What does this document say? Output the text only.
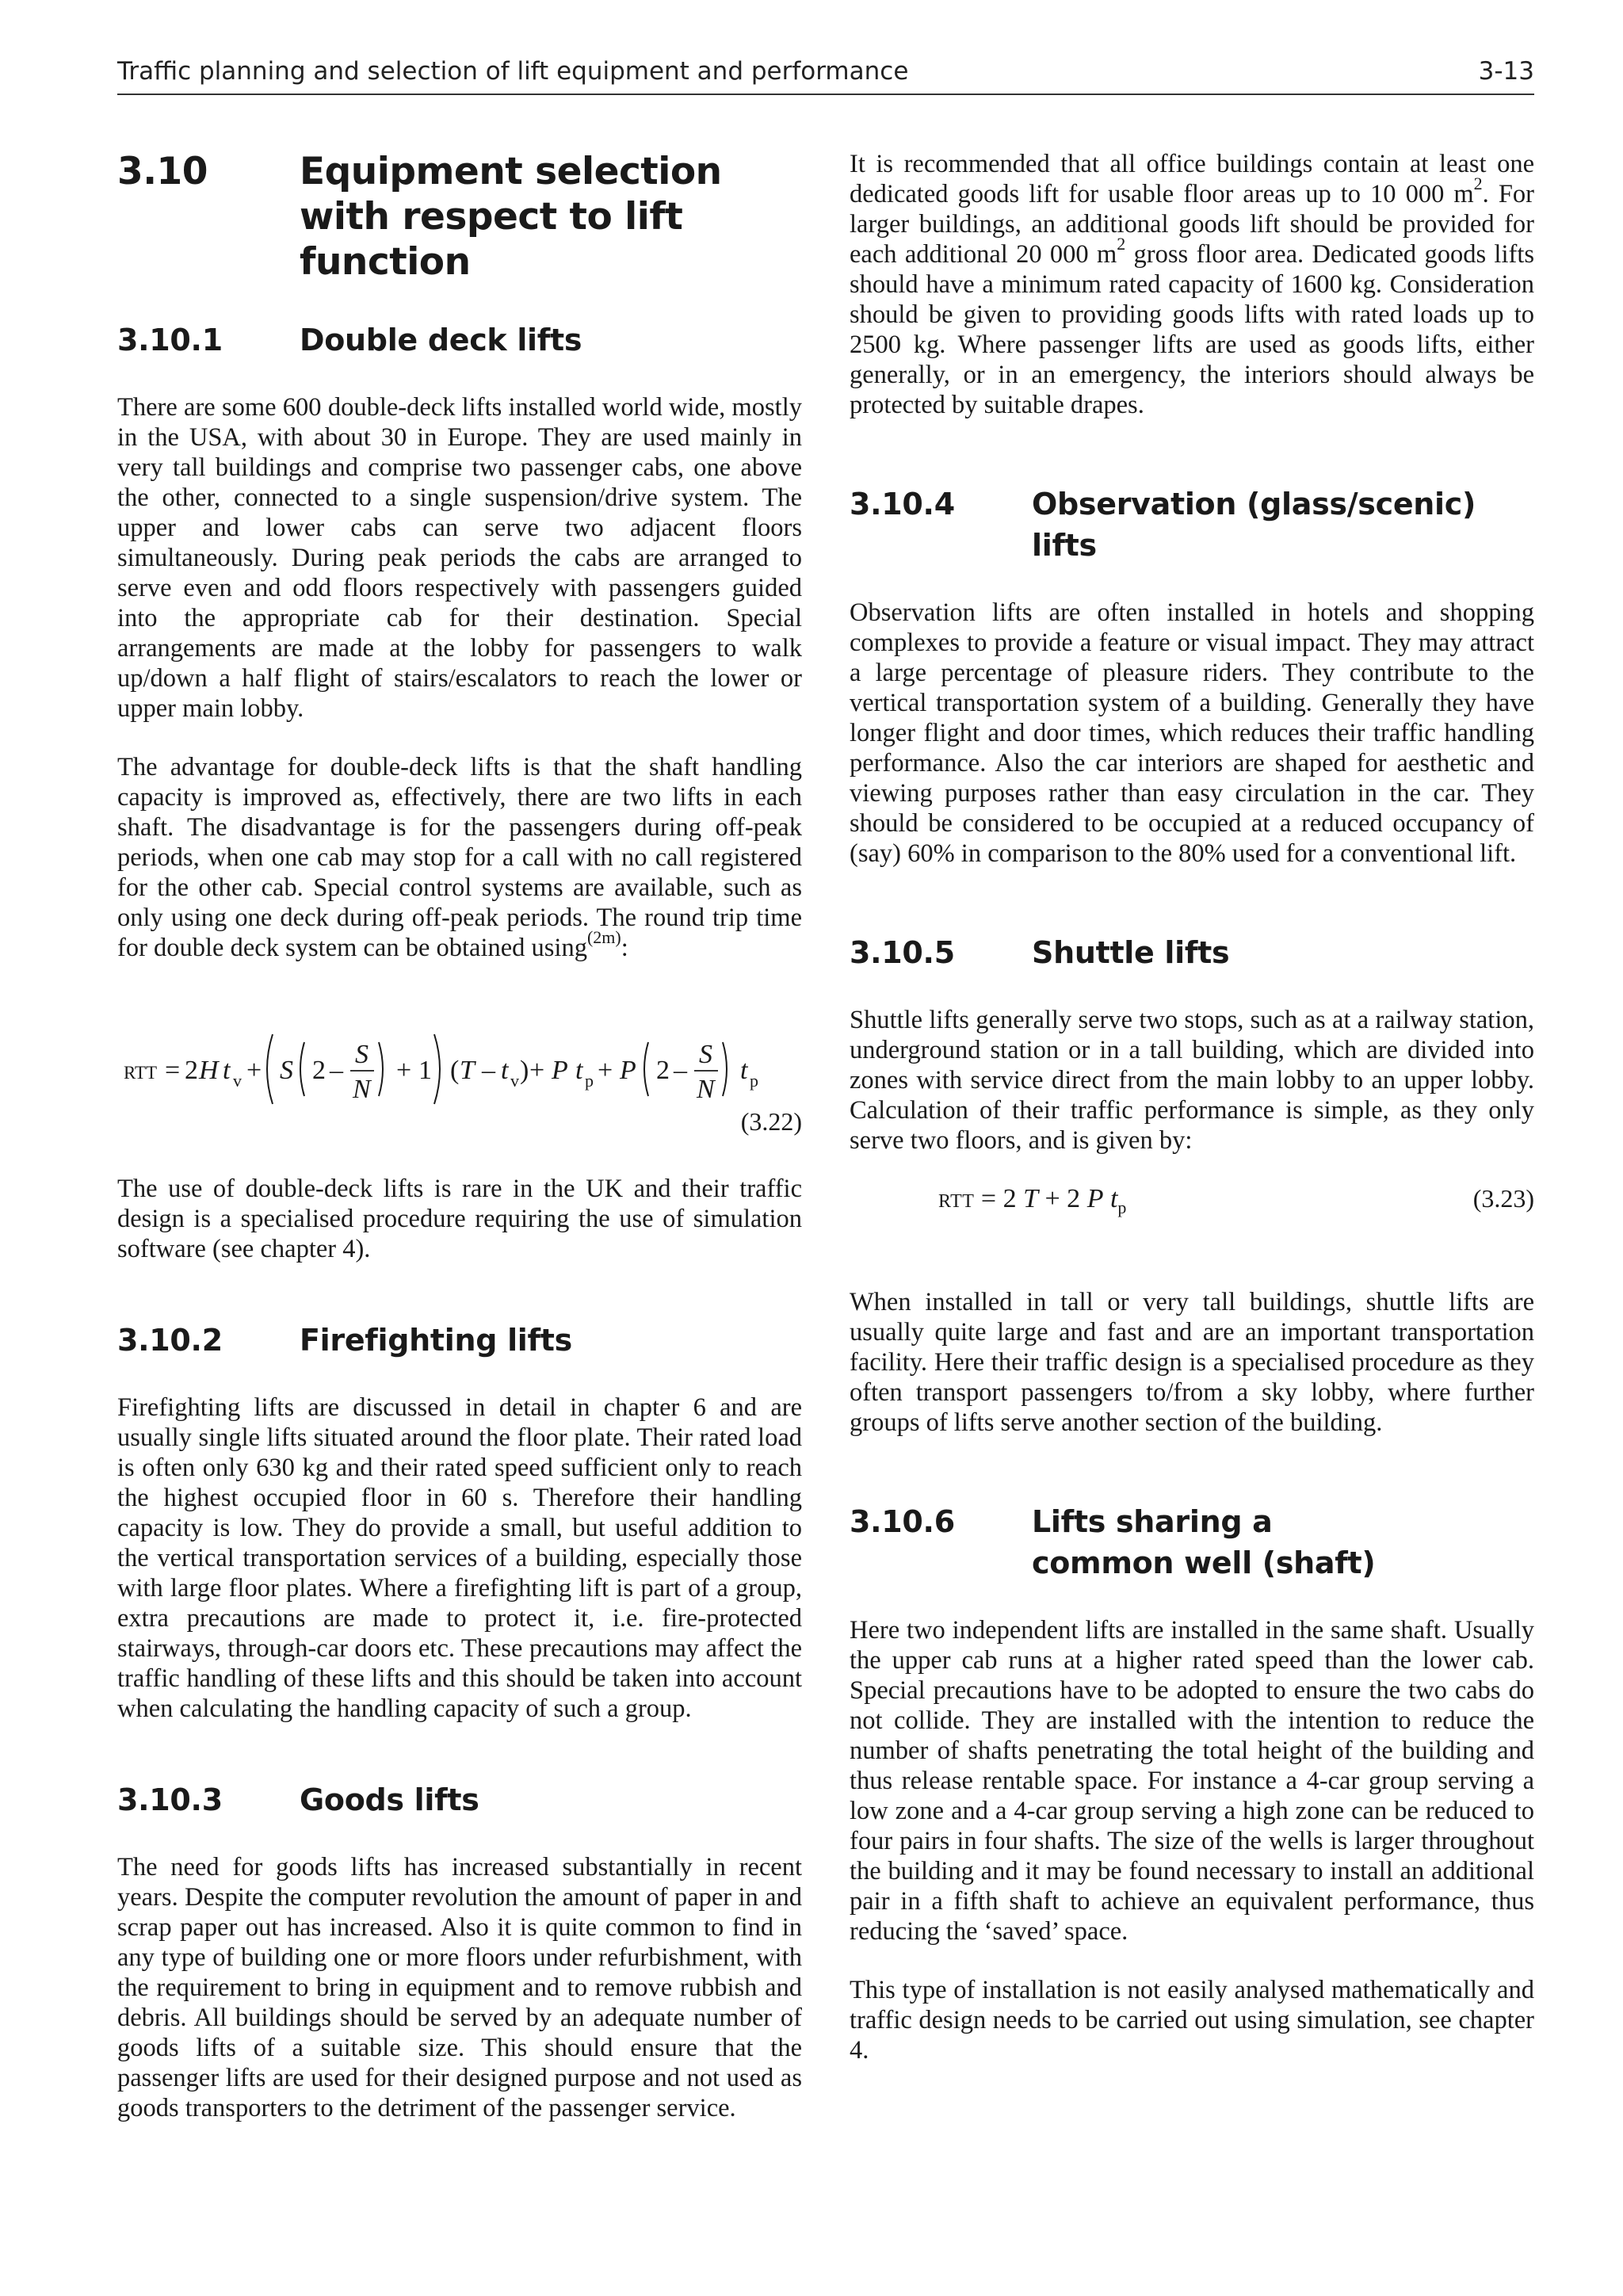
Traffic planning and selection of lift equipment and performance	3-13
3.10	Equipment selection with respect to lift function
3.10.1	Double deck lifts

There are some 600 double-deck lifts installed world wide, mostly in the USA, with about 30 in Europe. They are used mainly in very tall buildings and comprise two passenger cabs, one above the other, connected to a single suspension/drive system. The upper and lower cabs can serve two adjacent floors simultaneously. During peak periods the cabs are arranged to serve even and odd floors respectively with passengers guided into the appropriate cab for their destination. Special arrangements are made at the lobby for passengers to walk up/down a half flight of stairs/escalators to reach the lower or upper main lobby.

The advantage for double-deck lifts is that the shaft handling capacity is improved as, effectively, there are two lifts in each shaft. The disadvantage is for the passengers during off-peak periods, when one cab may stop for a call with no call registered for the other cab. Special control systems are available, such as only using one deck during off-peak periods. The round trip time for double deck system can be obtained using$^{(2m)}$:

RTT = 2 H t v + S 2 –
S
N
+ 1 ( T – t v ) + P t p + P 2 –
S
N
t p
(3.22)

The use of double-deck lifts is rare in the UK and their traffic design is a specialised procedure requiring the use of simulation software (see chapter 4).

3.10.2	Firefighting lifts

Firefighting lifts are discussed in detail in chapter 6 and are usually single lifts situated around the floor plate. Their rated load is often only 630 kg and their rated speed sufficient only to reach the highest occupied floor in 60 s. Therefore their handling capacity is low. They do provide a small, but useful addition to the vertical transportation services of a building, especially those with large floor plates. Where a firefighting lift is part of a group, extra precautions are made to protect it, i.e. fire-protected stairways, through-car doors etc. These precautions may affect the traffic handling of these lifts and this should be taken into account when calculating the handling capacity of such a group.

3.10.3	Goods lifts

The need for goods lifts has increased substantially in recent years. Despite the computer revolution the amount of paper in and scrap paper out has increased. Also it is quite common to find in any type of building one or more floors under refurbishment, with the requirement to bring in equipment and to remove rubbish and debris. All buildings should be served by an adequate number of goods lifts of a suitable size. This should ensure that the passenger lifts are used for their designed purpose and not used as goods transporters to the detriment of the passenger service.

It is recommended that all office buildings contain at least one dedicated goods lift for usable floor areas up to 10 000 $m^2$. For larger buildings, an additional goods lift should be provided for each additional 20 000 $m^2$ gross floor area. Dedicated goods lifts should have a minimum rated capacity of 1600 kg. Consideration should be given to providing goods lifts with rated loads up to 2500 kg. Where passenger lifts are used as goods lifts, either generally, or in an emergency, the interiors should always be protected by suitable drapes.

3.10.4	Observation (glass/scenic) lifts

Observation lifts are often installed in hotels and shopping complexes to provide a feature or visual impact. They may attract a large percentage of pleasure riders. They contribute to the vertical transportation system of a building. Generally they have longer flight and door times, which reduces their traffic handling performance. Also the car interiors are shaped for aesthetic and viewing purposes rather than easy circulation in the car. They should be considered to be occupied at a reduced occupancy of (say) 60% in comparison to the 80% used for a conventional lift.

3.10.5	Shuttle lifts

Shuttle lifts generally serve two stops, such as at a railway station, underground station or in a tall building, which are divided into zones with service direct from the main lobby to an upper lobby. Calculation of their traffic performance is simple, as they only serve two floors, and is given by:

RTT = 2 T + 2 P $t_p$	(3.23)

When installed in tall or very tall buildings, shuttle lifts are usually quite large and fast and are an important transportation facility. Here their traffic design is a specialised procedure as they often transport passengers to/from a sky lobby, where further groups of lifts serve another section of the building.

3.10.6	Lifts sharing a common well (shaft)

Here two independent lifts are installed in the same shaft. Usually the upper cab runs at a higher rated speed than the lower cab. Special precautions have to be adopted to ensure the two cabs do not collide. They are installed with the intention to reduce the number of shafts penetrating the total height of the building and thus release rentable space. For instance a 4-car group serving a low zone and a 4-car group serving a high zone can be reduced to four pairs in four shafts. The size of the wells is larger throughout the building and it may be found necessary to install an additional pair in a fifth shaft to achieve an equivalent performance, thus reducing the ‘saved’ space.

This type of installation is not easily analysed mathematically and traffic design needs to be carried out using simulation, see chapter 4.
